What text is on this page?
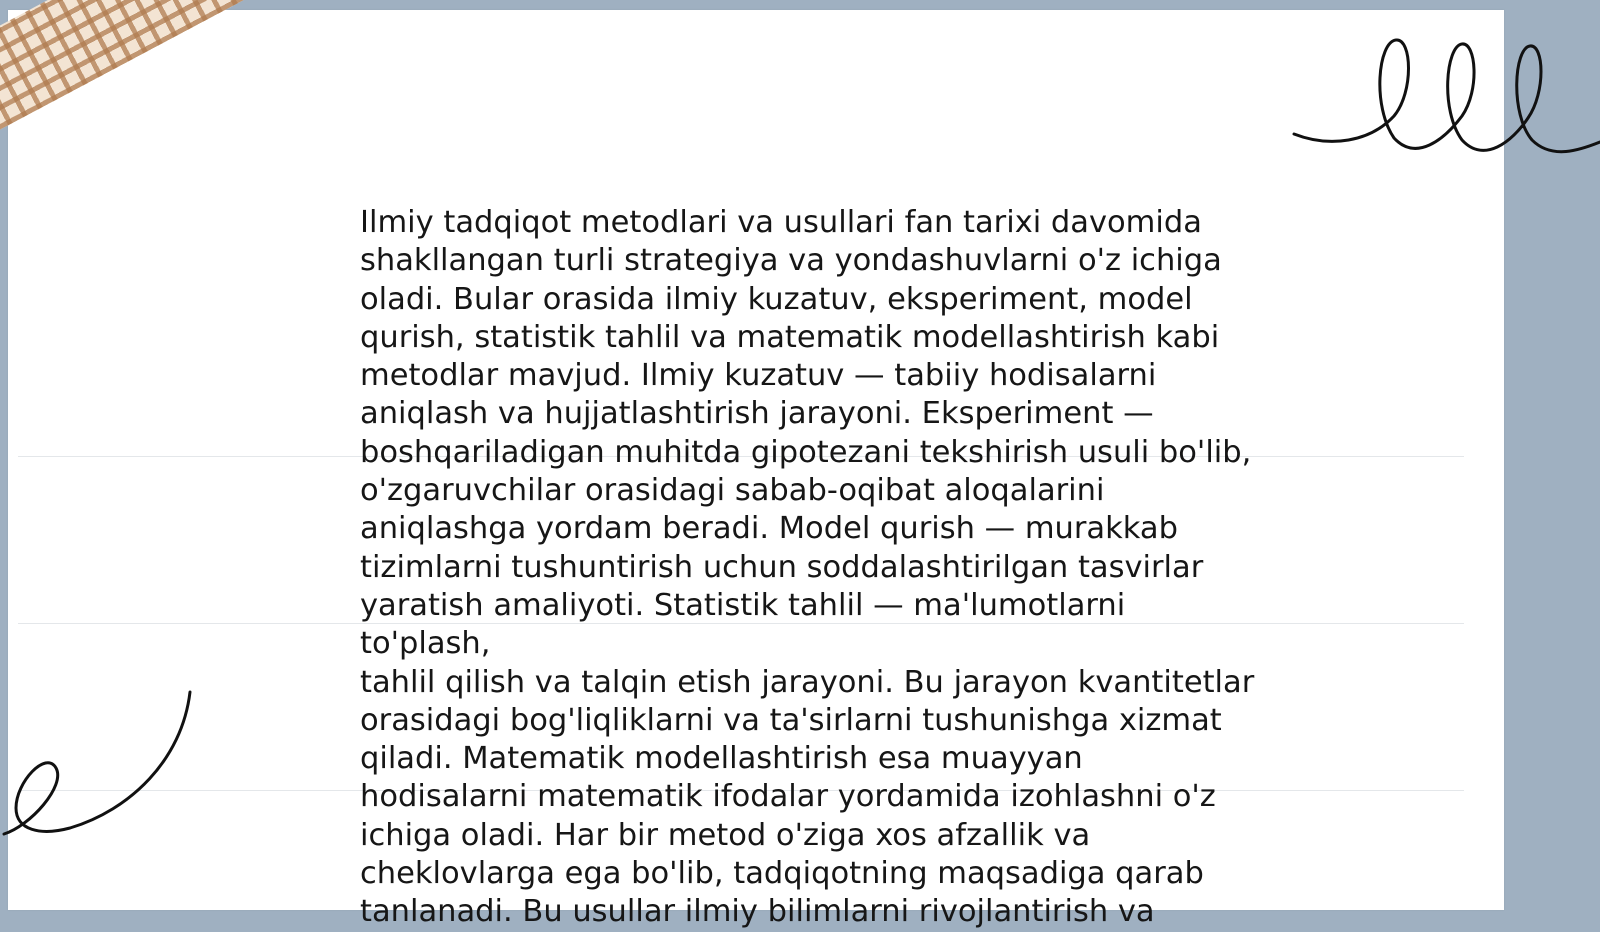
Ilmiy tadqiqot metodlari va usullari fan tarixi davomida
shakllangan turli strategiya va yondashuvlarni o'z ichiga
oladi. Bular orasida ilmiy kuzatuv, eksperiment, model
qurish, statistik tahlil va matematik modellashtirish kabi
metodlar mavjud. Ilmiy kuzatuv — tabiiy hodisalarni
aniqlash va hujjatlashtirish jarayoni. Eksperiment —
boshqariladigan muhitda gipotezani tekshirish usuli bo'lib,
o'zgaruvchilar orasidagi sabab-oqibat aloqalarini
aniqlashga yordam beradi. Model qurish — murakkab
tizimlarni tushuntirish uchun soddalashtirilgan tasvirlar
yaratish amaliyoti. Statistik tahlil — ma'lumotlarni to'plash,
tahlil qilish va talqin etish jarayoni. Bu jarayon kvantitetlar
orasidagi bog'liqliklarni va ta'sirlarni tushunishga xizmat
qiladi. Matematik modellashtirish esa muayyan
hodisalarni matematik ifodalar yordamida izohlashni o'z
ichiga oladi. Har bir metod o'ziga xos afzallik va
cheklovlarga ega bo'lib, tadqiqotning maqsadiga qarab
tanlanadi. Bu usullar ilmiy bilimlarni rivojlantirish va
